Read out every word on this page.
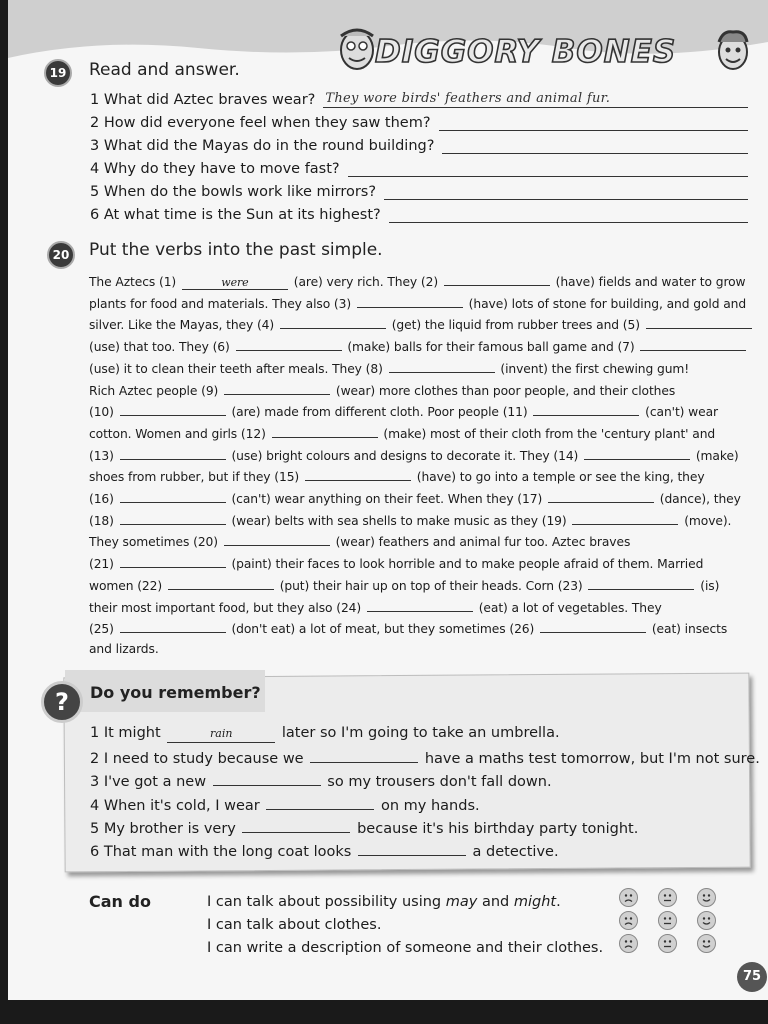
DIGGORY BONES
19	Read and answer.
1 What did Aztec braves wear?
2 How did everyone feel when they saw them?
3 What did the Mayas do in the round building?
4 Why do they have to move fast?
5 When do the bowls work like mirrors?
6 At what time is the Sun at its highest?
They wore birds' feathers and animal fur.
20	Put the verbs into the past simple.
The Aztecs (1)	were	(are) very rich. They (2)	(have) fields and water to grow
plants for food and materials. They also (3)	(have) lots of stone for building, and gold and
silver. Like the Mayas, they (4)	(get) the liquid from rubber trees and (5)
(use) that too. They (6)	(make) balls for their famous ball game and (7)
(use) it to clean their teeth after meals. They (8)	(invent) the first chewing gum!
Rich Aztec people (9)	(wear) more clothes than poor people, and their clothes
(10)	(are) made from different cloth. Poor people (11)	(can't) wear
cotton. Women and girls (12)	(make) most of their cloth from the 'century plant' and
(13)	(use) bright colours and designs to decorate it. They (14)	(make)
shoes from rubber, but if they (15)	(have) to go into a temple or see the king, they
(16)	(can't) wear anything on their feet. When they (17)	(dance), they
(18)	(wear) belts with sea shells to make music as they (19)	(move).
They sometimes (20)	(wear) feathers and animal fur too. Aztec braves
(21)	(paint) their faces to look horrible and to make people afraid of them. Married
women (22)	(put) their hair up on top of their heads. Corn (23)	(is)
their most important food, but they also (24)	(eat) a lot of vegetables. They
(25)	(don't eat) a lot of meat, but they sometimes (26)	(eat) insects
and lizards.
?	Do you remember?
1 It might	rain	later so I'm going to take an umbrella.
2 I need to study because we	have a maths test tomorrow, but I'm not sure.
3 I've got a new	so my trousers don't fall down.
4 When it's cold, I wear	on my hands.
5 My brother is very	because it's his birthday party tonight.
6 That man with the long coat looks	a detective.
Can do	I can talk about possibility using may and might.
I can talk about clothes.
I can write a description of someone and their clothes.
75
